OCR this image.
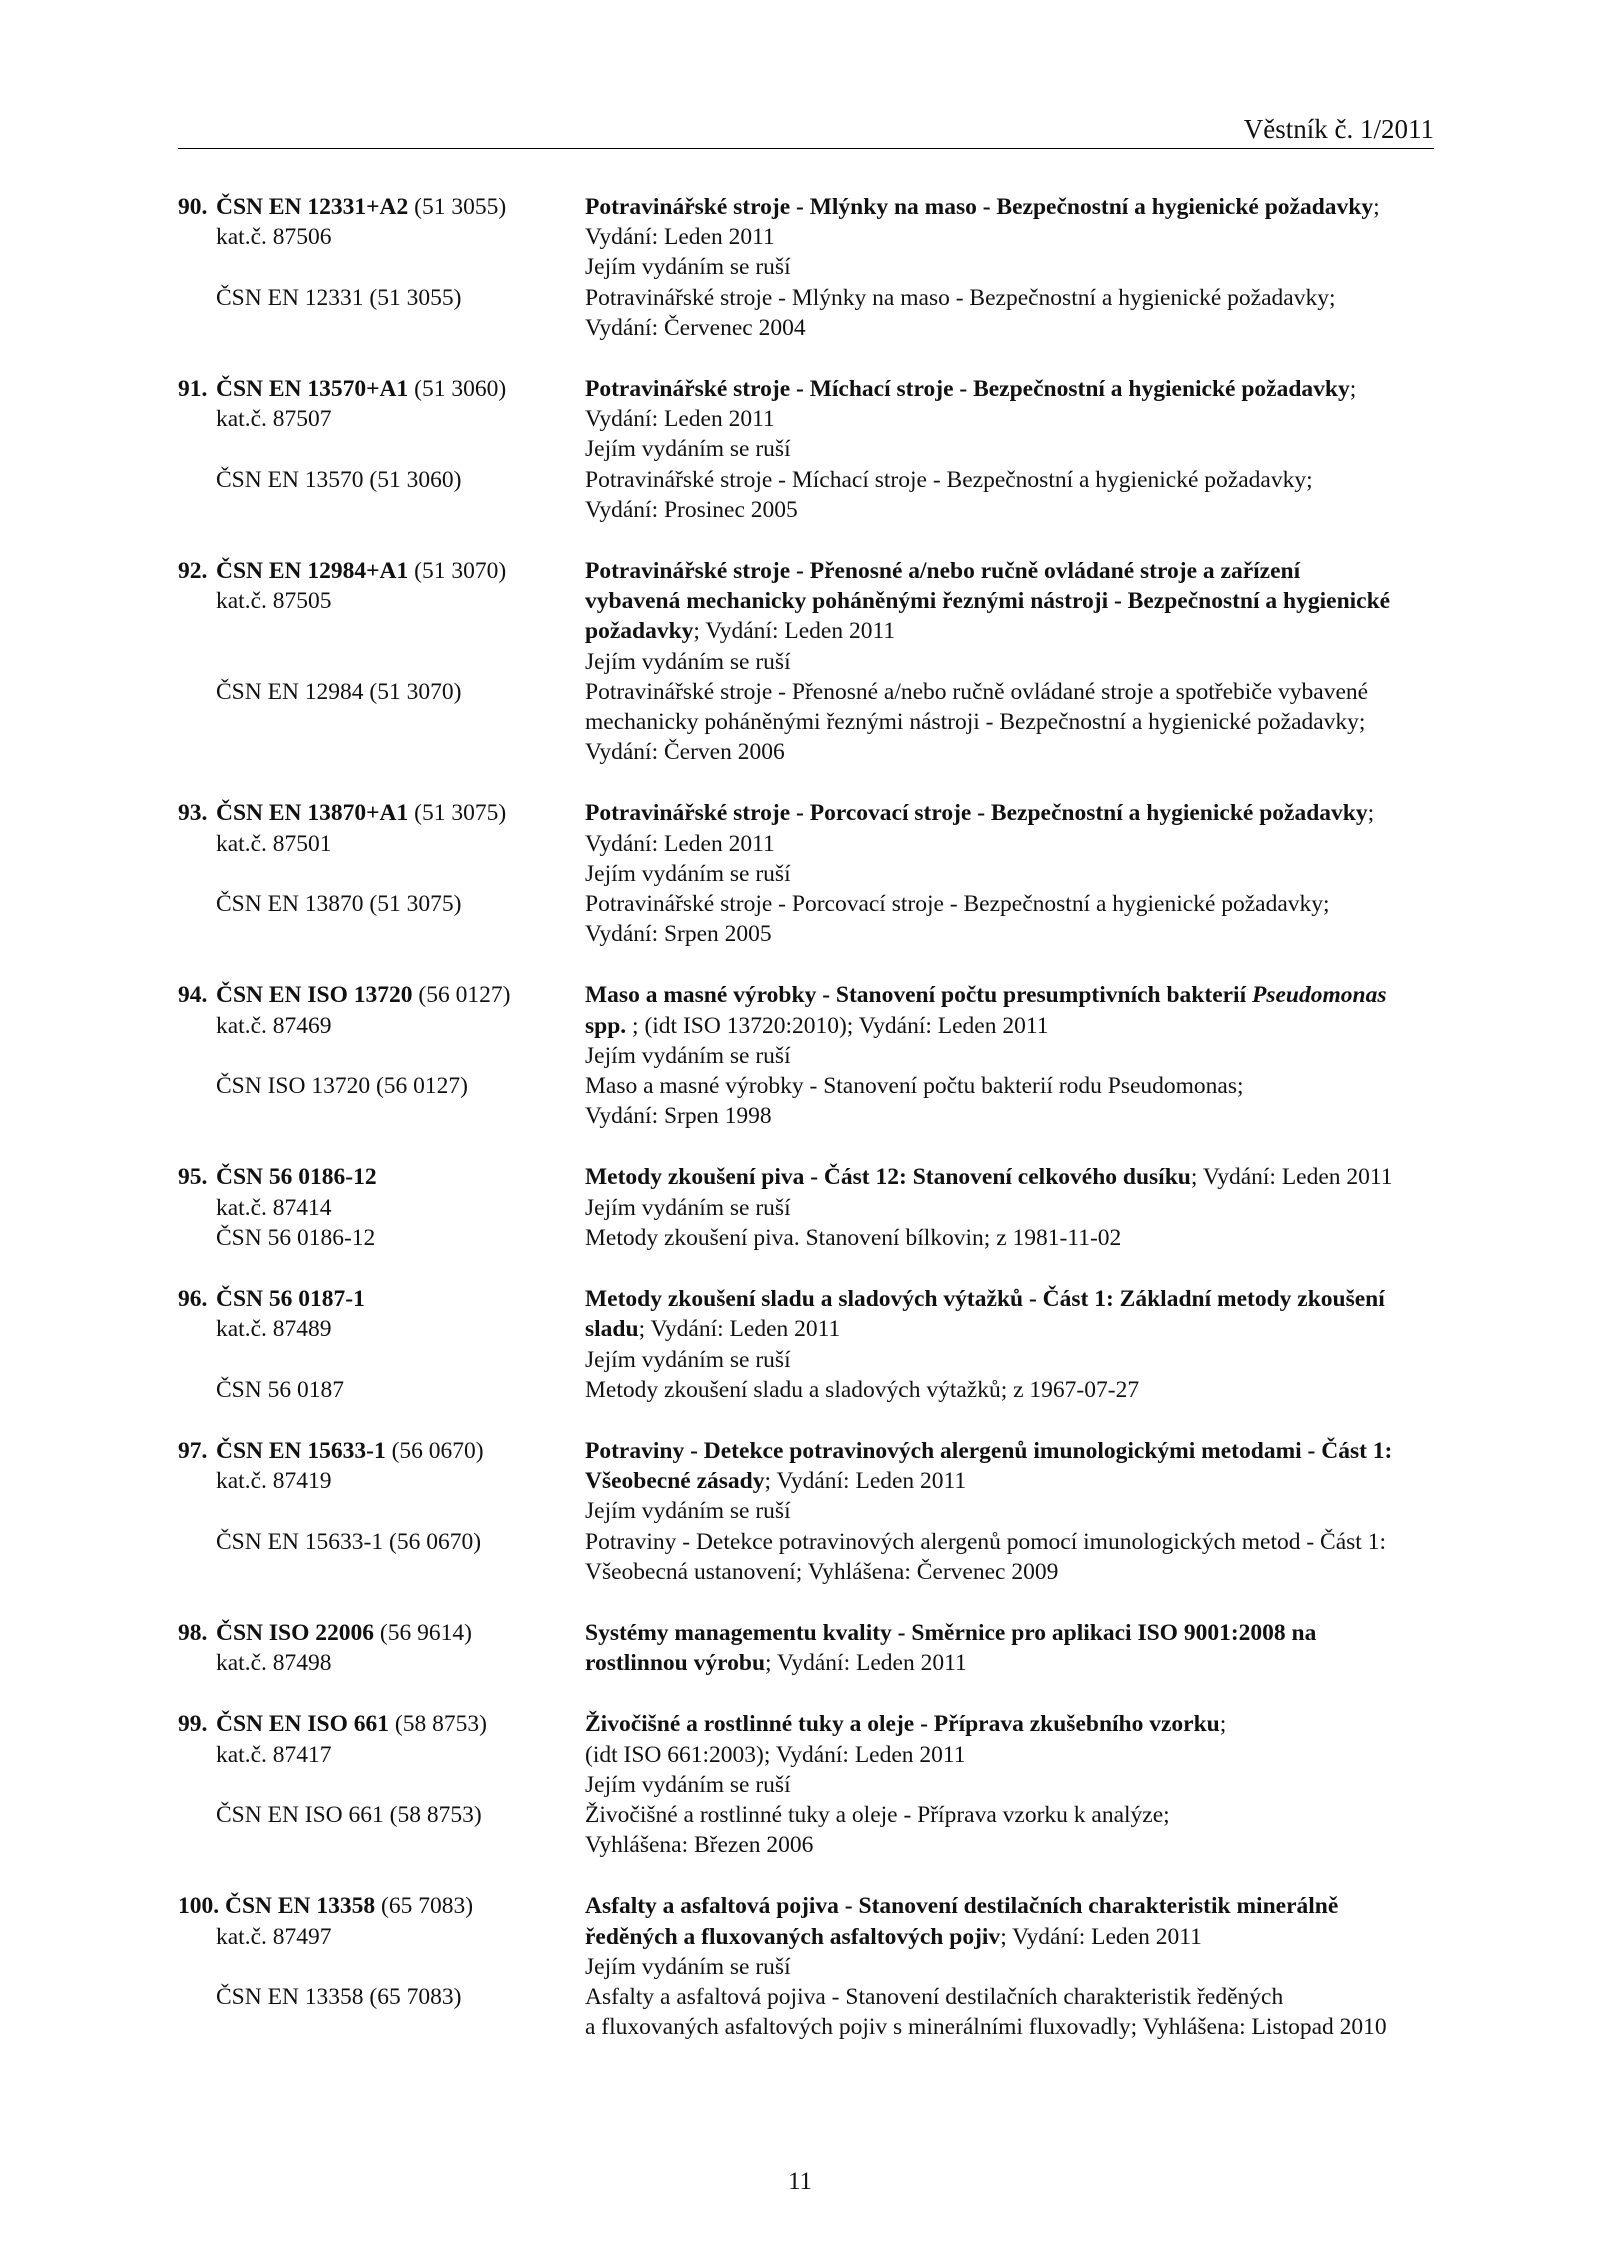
Věstník č. 1/2011
90. ČSN EN 12331+A2 (51 3055)	Potravinářské stroje - Mlýnky na maso - Bezpečnostní a hygienické požadavky;
kat.č. 87506	Vydání: Leden 2011
Jejím vydáním se ruší
ČSN EN 12331 (51 3055)	Potravinářské stroje - Mlýnky na maso - Bezpečnostní a hygienické požadavky;
Vydání: Červenec 2004
91. ČSN EN 13570+A1 (51 3060)	Potravinářské stroje - Míchací stroje - Bezpečnostní a hygienické požadavky;
kat.č. 87507	Vydání: Leden 2011
Jejím vydáním se ruší
ČSN EN 13570 (51 3060)	Potravinářské stroje - Míchací stroje - Bezpečnostní a hygienické požadavky;
Vydání: Prosinec 2005
92. ČSN EN 12984+A1 (51 3070)	Potravinářské stroje - Přenosné a/nebo ručně ovládané stroje a zařízení
kat.č. 87505	vybavená mechanicky poháněnými řeznými nástroji - Bezpečnostní a hygienické
požadavky; Vydání: Leden 2011
Jejím vydáním se ruší
ČSN EN 12984 (51 3070)	Potravinářské stroje - Přenosné a/nebo ručně ovládané stroje a spotřebiče vybavené
mechanicky poháněnými řeznými nástroji - Bezpečnostní a hygienické požadavky;
Vydání: Červen 2006
93. ČSN EN 13870+A1 (51 3075)	Potravinářské stroje - Porcovací stroje - Bezpečnostní a hygienické požadavky;
kat.č. 87501	Vydání: Leden 2011
Jejím vydáním se ruší
ČSN EN 13870 (51 3075)	Potravinářské stroje - Porcovací stroje - Bezpečnostní a hygienické požadavky;
Vydání: Srpen 2005
94. ČSN EN ISO 13720 (56 0127)	Maso a masné výrobky - Stanovení počtu presumptivních bakterií Pseudomonas
kat.č. 87469	spp. ; (idt ISO 13720:2010); Vydání: Leden 2011
Jejím vydáním se ruší
ČSN ISO 13720 (56 0127)	Maso a masné výrobky - Stanovení počtu bakterií rodu Pseudomonas;
Vydání: Srpen 1998
95. ČSN 56 0186-12	Metody zkoušení piva - Část 12: Stanovení celkového dusíku; Vydání: Leden 2011
kat.č. 87414	Jejím vydáním se ruší
ČSN 56 0186-12	Metody zkoušení piva. Stanovení bílkovin; z 1981-11-02
96. ČSN 56 0187-1	Metody zkoušení sladu a sladových výtažků - Část 1: Základní metody zkoušení
kat.č. 87489	sladu; Vydání: Leden 2011
Jejím vydáním se ruší
ČSN 56 0187	Metody zkoušení sladu a sladových výtažků; z 1967-07-27
97. ČSN EN 15633-1 (56 0670)	Potraviny - Detekce potravinových alergenů imunologickými metodami - Část 1:
kat.č. 87419	Všeobecné zásady; Vydání: Leden 2011
Jejím vydáním se ruší
ČSN EN 15633-1 (56 0670)	Potraviny - Detekce potravinových alergenů pomocí imunologických metod - Část 1:
Všeobecná ustanovení; Vyhlášena: Červenec 2009
98. ČSN ISO 22006 (56 9614)	Systémy managementu kvality - Směrnice pro aplikaci ISO 9001:2008 na
kat.č. 87498	rostlinnou výrobu; Vydání: Leden 2011
99. ČSN EN ISO 661 (58 8753)	Živočišné a rostlinné tuky a oleje - Příprava zkušebního vzorku;
kat.č. 87417	(idt ISO 661:2003); Vydání: Leden 2011
Jejím vydáním se ruší
ČSN EN ISO 661 (58 8753)	Živočišné a rostlinné tuky a oleje - Příprava vzorku k analýze;
Vyhlášena: Březen 2006
100. ČSN EN 13358 (65 7083)	Asfalty a asfaltová pojiva - Stanovení destilačních charakteristik minerálně
kat.č. 87497	ředěných a fluxovaných asfaltových pojiv; Vydání: Leden 2011
Jejím vydáním se ruší
ČSN EN 13358 (65 7083)	Asfalty a asfaltová pojiva - Stanovení destilačních charakteristik ředěných
a fluxovaných asfaltových pojiv s minerálními fluxovadly; Vyhlášena: Listopad 2010
11
